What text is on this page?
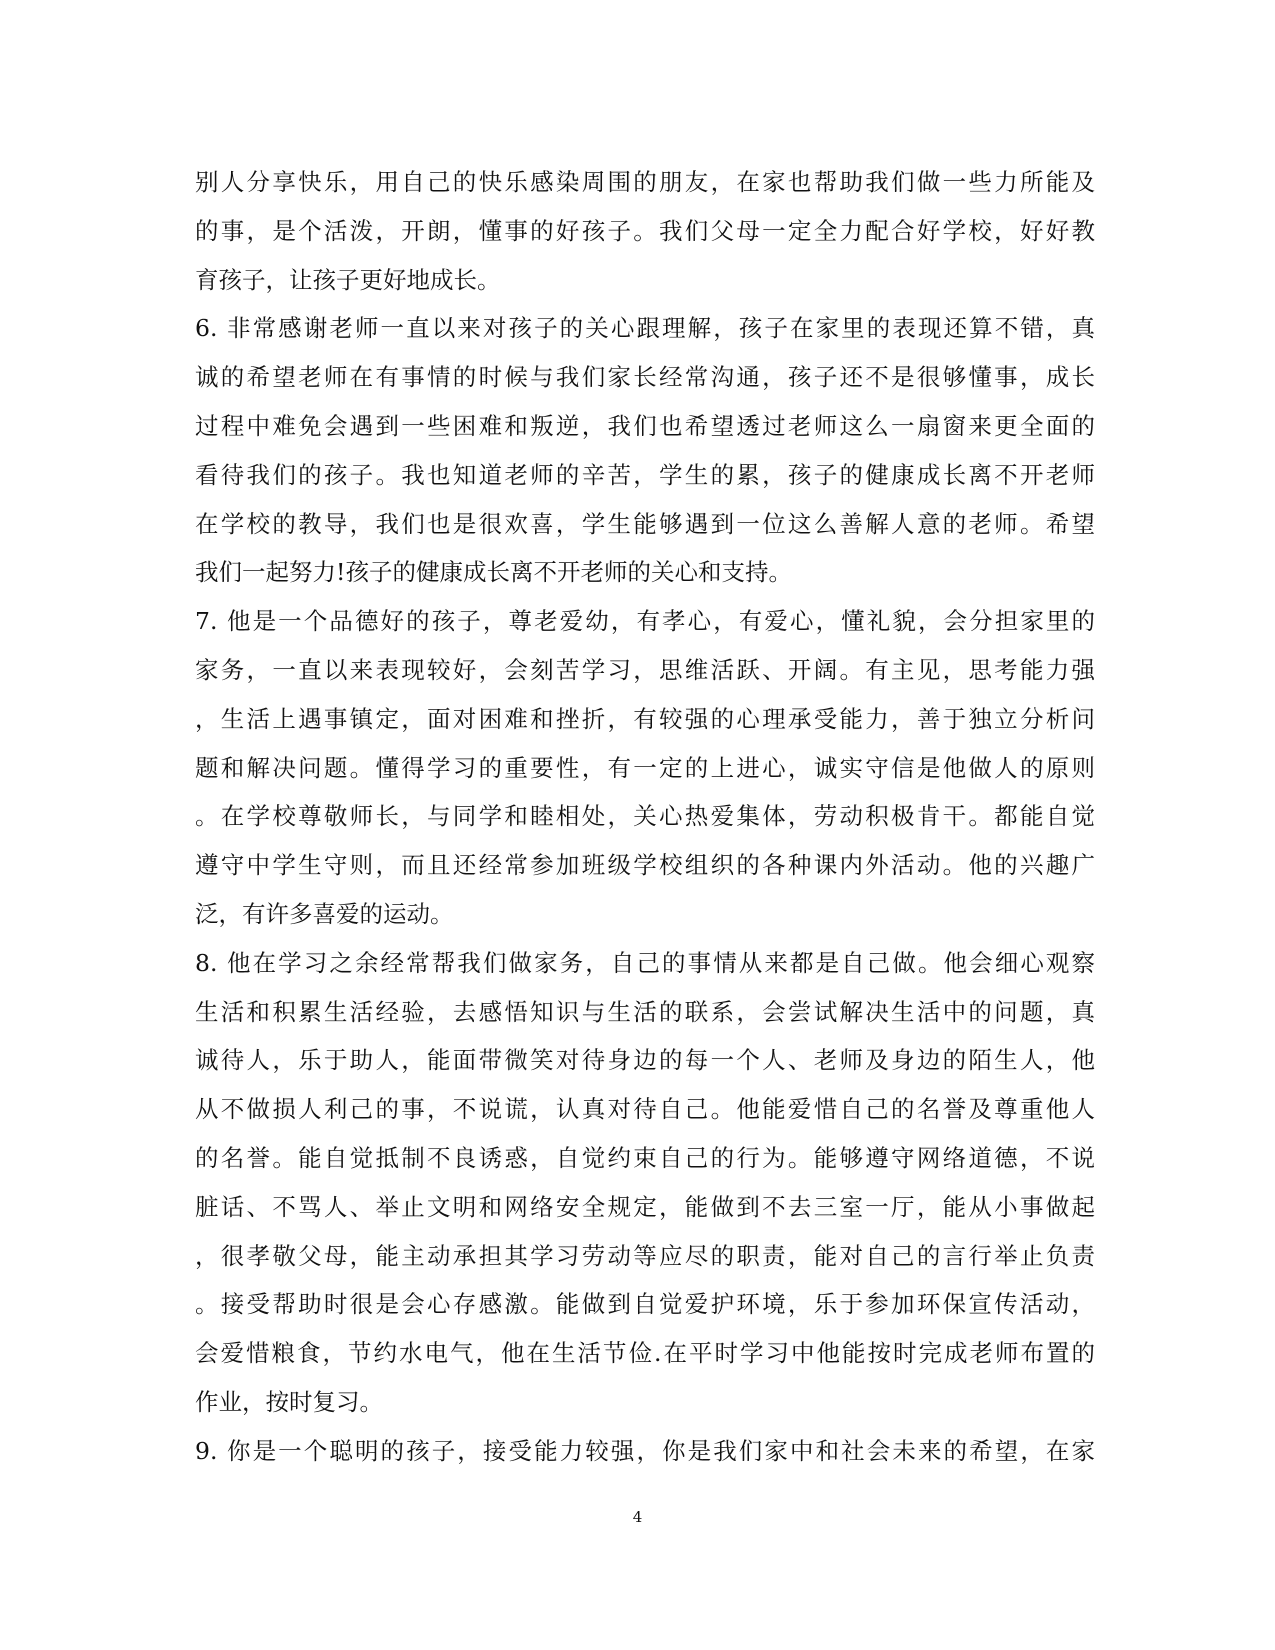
别人分享快乐，用自己的快乐感染周围的朋友，在家也帮助我们做一些力所能及
的事，是个活泼，开朗，懂事的好孩子。我们父母一定全力配合好学校，好好教
育孩子，让孩子更好地成长。
6. 非常感谢老师一直以来对孩子的关心跟理解，孩子在家里的表现还算不错，真
诚的希望老师在有事情的时候与我们家长经常沟通，孩子还不是很够懂事，成长
过程中难免会遇到一些困难和叛逆，我们也希望透过老师这么一扇窗来更全面的
看待我们的孩子。我也知道老师的辛苦，学生的累，孩子的健康成长离不开老师
在学校的教导，我们也是很欢喜，学生能够遇到一位这么善解人意的老师。希望
我们一起努力!孩子的健康成长离不开老师的关心和支持。
7. 他是一个品德好的孩子，尊老爱幼，有孝心，有爱心，懂礼貌，会分担家里的
家务，一直以来表现较好，会刻苦学习，思维活跃、开阔。有主见，思考能力强
，生活上遇事镇定，面对困难和挫折，有较强的心理承受能力，善于独立分析问
题和解决问题。懂得学习的重要性，有一定的上进心，诚实守信是他做人的原则
。在学校尊敬师长，与同学和睦相处，关心热爱集体，劳动积极肯干。都能自觉
遵守中学生守则，而且还经常参加班级学校组织的各种课内外活动。他的兴趣广
泛，有许多喜爱的运动。
8. 他在学习之余经常帮我们做家务，自己的事情从来都是自己做。他会细心观察
生活和积累生活经验，去感悟知识与生活的联系，会尝试解决生活中的问题，真
诚待人，乐于助人，能面带微笑对待身边的每一个人、老师及身边的陌生人，他
从不做损人利己的事，不说谎，认真对待自己。他能爱惜自己的名誉及尊重他人
的名誉。能自觉抵制不良诱惑，自觉约束自己的行为。能够遵守网络道德，不说
脏话、不骂人、举止文明和网络安全规定，能做到不去三室一厅，能从小事做起
，很孝敬父母，能主动承担其学习劳动等应尽的职责，能对自己的言行举止负责
。接受帮助时很是会心存感激。能做到自觉爱护环境，乐于参加环保宣传活动，
会爱惜粮食，节约水电气，他在生活节俭.在平时学习中他能按时完成老师布置的
作业，按时复习。
9. 你是一个聪明的孩子，接受能力较强，你是我们家中和社会未来的希望，在家
4
